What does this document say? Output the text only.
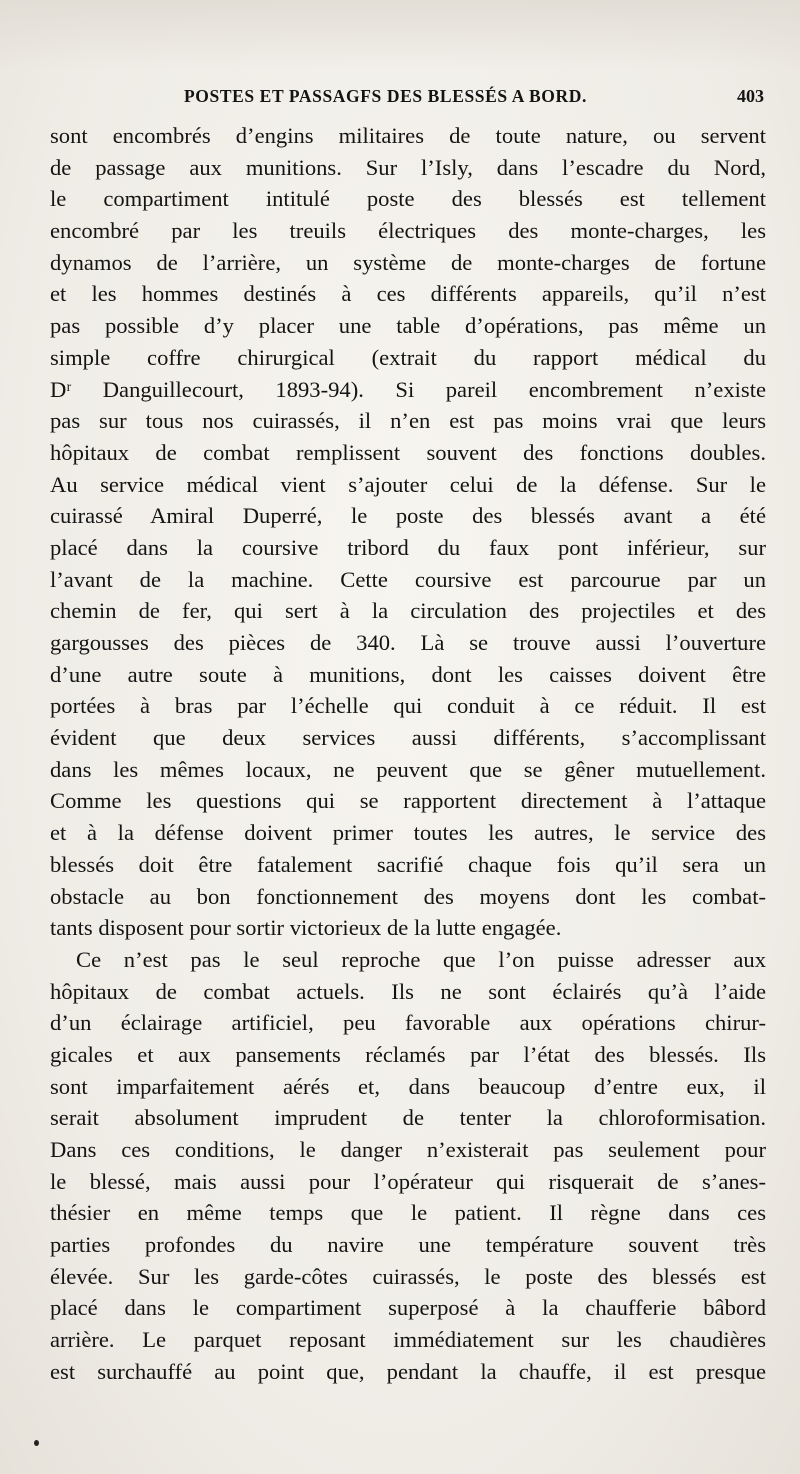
POSTES ET PASSAGFS DES BLESSÉS A BORD.	403
sont encombrés d’engins militaires de toute nature, ou servent
de passage aux munitions. Sur l’Isly, dans l’escadre du Nord,
le compartiment intitulé poste des blessés est tellement
encombré par les treuils électriques des monte-charges, les
dynamos de l’arrière, un système de monte-charges de fortune
et les hommes destinés à ces différents appareils, qu’il n’est
pas possible d’y placer une table d’opérations, pas même un
simple coffre chirurgical (extrait du rapport médical du
Dʳ Danguillecourt, 1893-94). Si pareil encombrement n’existe
pas sur tous nos cuirassés, il n’en est pas moins vrai que leurs
hôpitaux de combat remplissent souvent des fonctions doubles.
Au service médical vient s’ajouter celui de la défense. Sur le
cuirassé Amiral Duperré, le poste des blessés avant a été
placé dans la coursive tribord du faux pont inférieur, sur
l’avant de la machine. Cette coursive est parcourue par un
chemin de fer, qui sert à la circulation des projectiles et des
gargousses des pièces de 340. Là se trouve aussi l’ouverture
d’une autre soute à munitions, dont les caisses doivent être
portées à bras par l’échelle qui conduit à ce réduit. Il est
évident que deux services aussi différents, s’accomplissant
dans les mêmes locaux, ne peuvent que se gêner mutuellement.
Comme les questions qui se rapportent directement à l’attaque
et à la défense doivent primer toutes les autres, le service des
blessés doit être fatalement sacrifié chaque fois qu’il sera un
obstacle au bon fonctionnement des moyens dont les combat-
tants disposent pour sortir victorieux de la lutte engagée.
Ce n’est pas le seul reproche que l’on puisse adresser aux
hôpitaux de combat actuels. Ils ne sont éclairés qu’à l’aide
d’un éclairage artificiel, peu favorable aux opérations chirur-
gicales et aux pansements réclamés par l’état des blessés. Ils
sont imparfaitement aérés et, dans beaucoup d’entre eux, il
serait absolument imprudent de tenter la chloroformisation.
Dans ces conditions, le danger n’existerait pas seulement pour
le blessé, mais aussi pour l’opérateur qui risquerait de s’anes-
thésier en même temps que le patient. Il règne dans ces
parties profondes du navire une température souvent très
élevée. Sur les garde-côtes cuirassés, le poste des blessés est
placé dans le compartiment superposé à la chaufferie bâbord
arrière. Le parquet reposant immédiatement sur les chaudières
est surchauffé au point que, pendant la chauffe, il est presque
